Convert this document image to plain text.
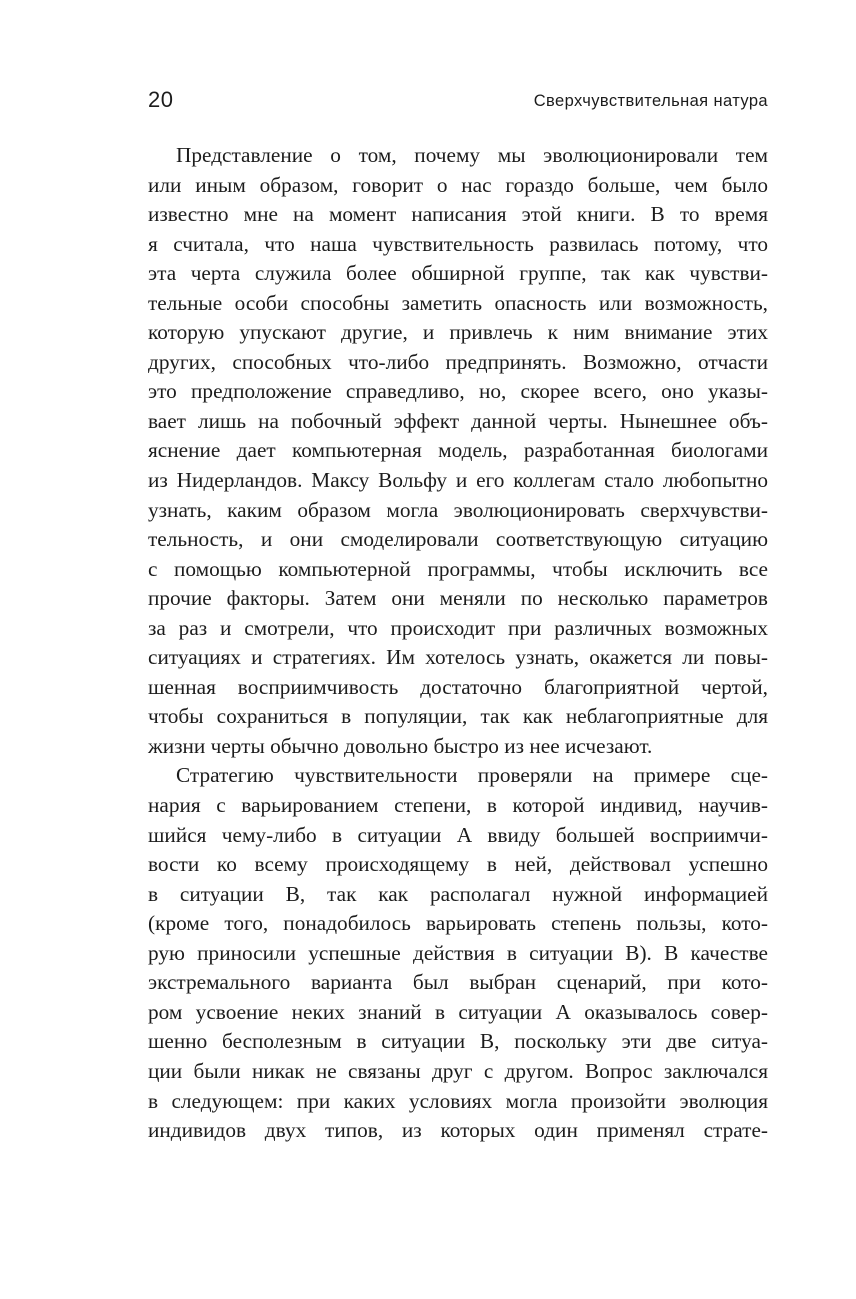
20	Сверхчувствительная натура
Представление о том, почему мы эволюционировали тем
или иным образом, говорит о нас гораздо больше, чем было
известно мне на момент написания этой книги. В то время
я считала, что наша чувствительность развилась потому, что
эта черта служила более обширной группе, так как чувстви-
тельные особи способны заметить опасность или возможность,
которую упускают другие, и привлечь к ним внимание этих
других, способных что-либо предпринять. Возможно, отчасти
это предположение справедливо, но, скорее всего, оно указы-
вает лишь на побочный эффект данной черты. Нынешнее объ-
яснение дает компьютерная модель, разработанная биологами
из Нидерландов. Максу Вольфу и его коллегам стало любопытно
узнать, каким образом могла эволюционировать сверхчувстви-
тельность, и они смоделировали соответствующую ситуацию
с помощью компьютерной программы, чтобы исключить все
прочие факторы. Затем они меняли по несколько параметров
за раз и смотрели, что происходит при различных возможных
ситуациях и стратегиях. Им хотелось узнать, окажется ли повы-
шенная восприимчивость достаточно благоприятной чертой,
чтобы сохраниться в популяции, так как неблагоприятные для
жизни черты обычно довольно быстро из нее исчезают.
Стратегию чувствительности проверяли на примере сце-
нария с варьированием степени, в которой индивид, научив-
шийся чему-либо в ситуации А ввиду большей восприимчи-
вости ко всему происходящему в ней, действовал успешно
в ситуации В, так как располагал нужной информацией
(кроме того, понадобилось варьировать степень пользы, кото-
рую приносили успешные действия в ситуации В). В качестве
экстремального варианта был выбран сценарий, при кото-
ром усвоение неких знаний в ситуации А оказывалось совер-
шенно бесполезным в ситуации В, поскольку эти две ситуа-
ции были никак не связаны друг с другом. Вопрос заключался
в следующем: при каких условиях могла произойти эволюция
индивидов двух типов, из которых один применял страте-
